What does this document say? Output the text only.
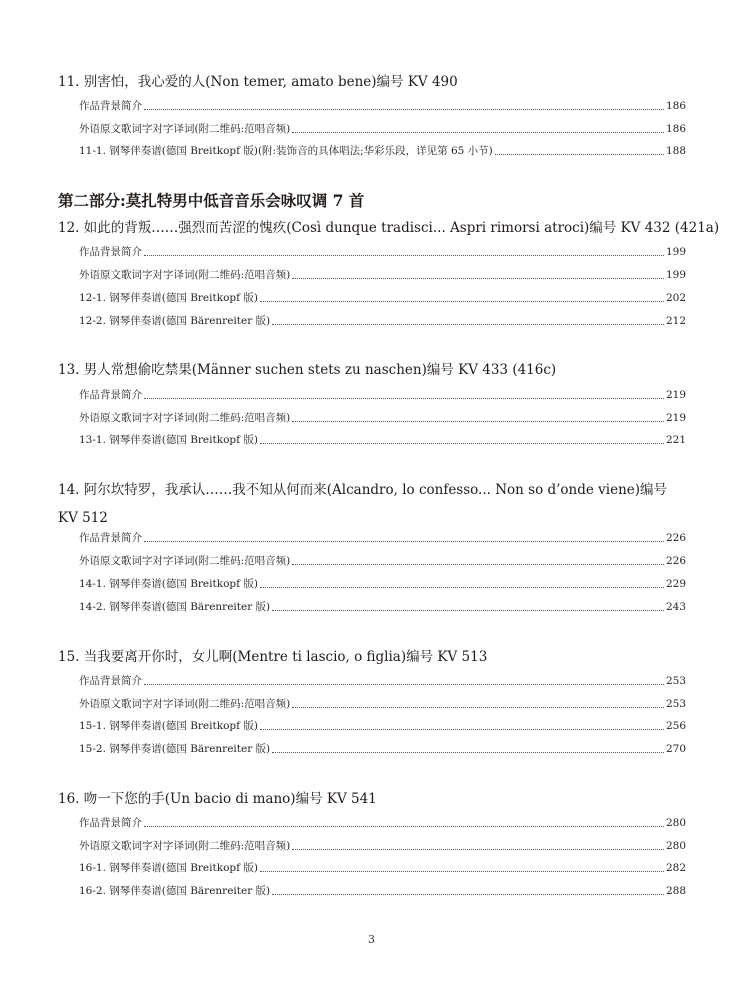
11. 别害怕，我心爱的人(Non temer, amato bene)编号 KV 490
作品背景简介	186
外语原文歌词字对字译词(附二维码:范唱音频)	186
11-1. 钢琴伴奏谱(德国 Breitkopf 版)(附:装饰音的具体唱法;华彩乐段，详见第 65 小节)	188
第二部分:莫扎特男中低音音乐会咏叹调 7 首
12. 如此的背叛……强烈而苦涩的愧疚(Così dunque tradisci... Aspri rimorsi atroci)编号 KV 432 (421a)
作品背景简介	199
外语原文歌词字对字译词(附二维码:范唱音频)	199
12-1. 钢琴伴奏谱(德国 Breitkopf 版)	202
12-2. 钢琴伴奏谱(德国 Bärenreiter 版)	212
13. 男人常想偷吃禁果(Männer suchen stets zu naschen)编号 KV 433 (416c)
作品背景简介	219
外语原文歌词字对字译词(附二维码:范唱音频)	219
13-1. 钢琴伴奏谱(德国 Breitkopf 版)	221
14. 阿尔坎特罗，我承认……我不知从何而来(Alcandro, lo confesso... Non so d’onde viene)编号 KV 512
作品背景简介	226
外语原文歌词字对字译词(附二维码:范唱音频)	226
14-1. 钢琴伴奏谱(德国 Breitkopf 版)	229
14-2. 钢琴伴奏谱(德国 Bärenreiter 版)	243
15. 当我要离开你时，女儿啊(Mentre ti lascio, o figlia)编号 KV 513
作品背景简介	253
外语原文歌词字对字译词(附二维码:范唱音频)	253
15-1. 钢琴伴奏谱(德国 Breitkopf 版)	256
15-2. 钢琴伴奏谱(德国 Bärenreiter 版)	270
16. 吻一下您的手(Un bacio di mano)编号 KV 541
作品背景简介	280
外语原文歌词字对字译词(附二维码:范唱音频)	280
16-1. 钢琴伴奏谱(德国 Breitkopf 版)	282
16-2. 钢琴伴奏谱(德国 Bärenreiter 版)	288
3
